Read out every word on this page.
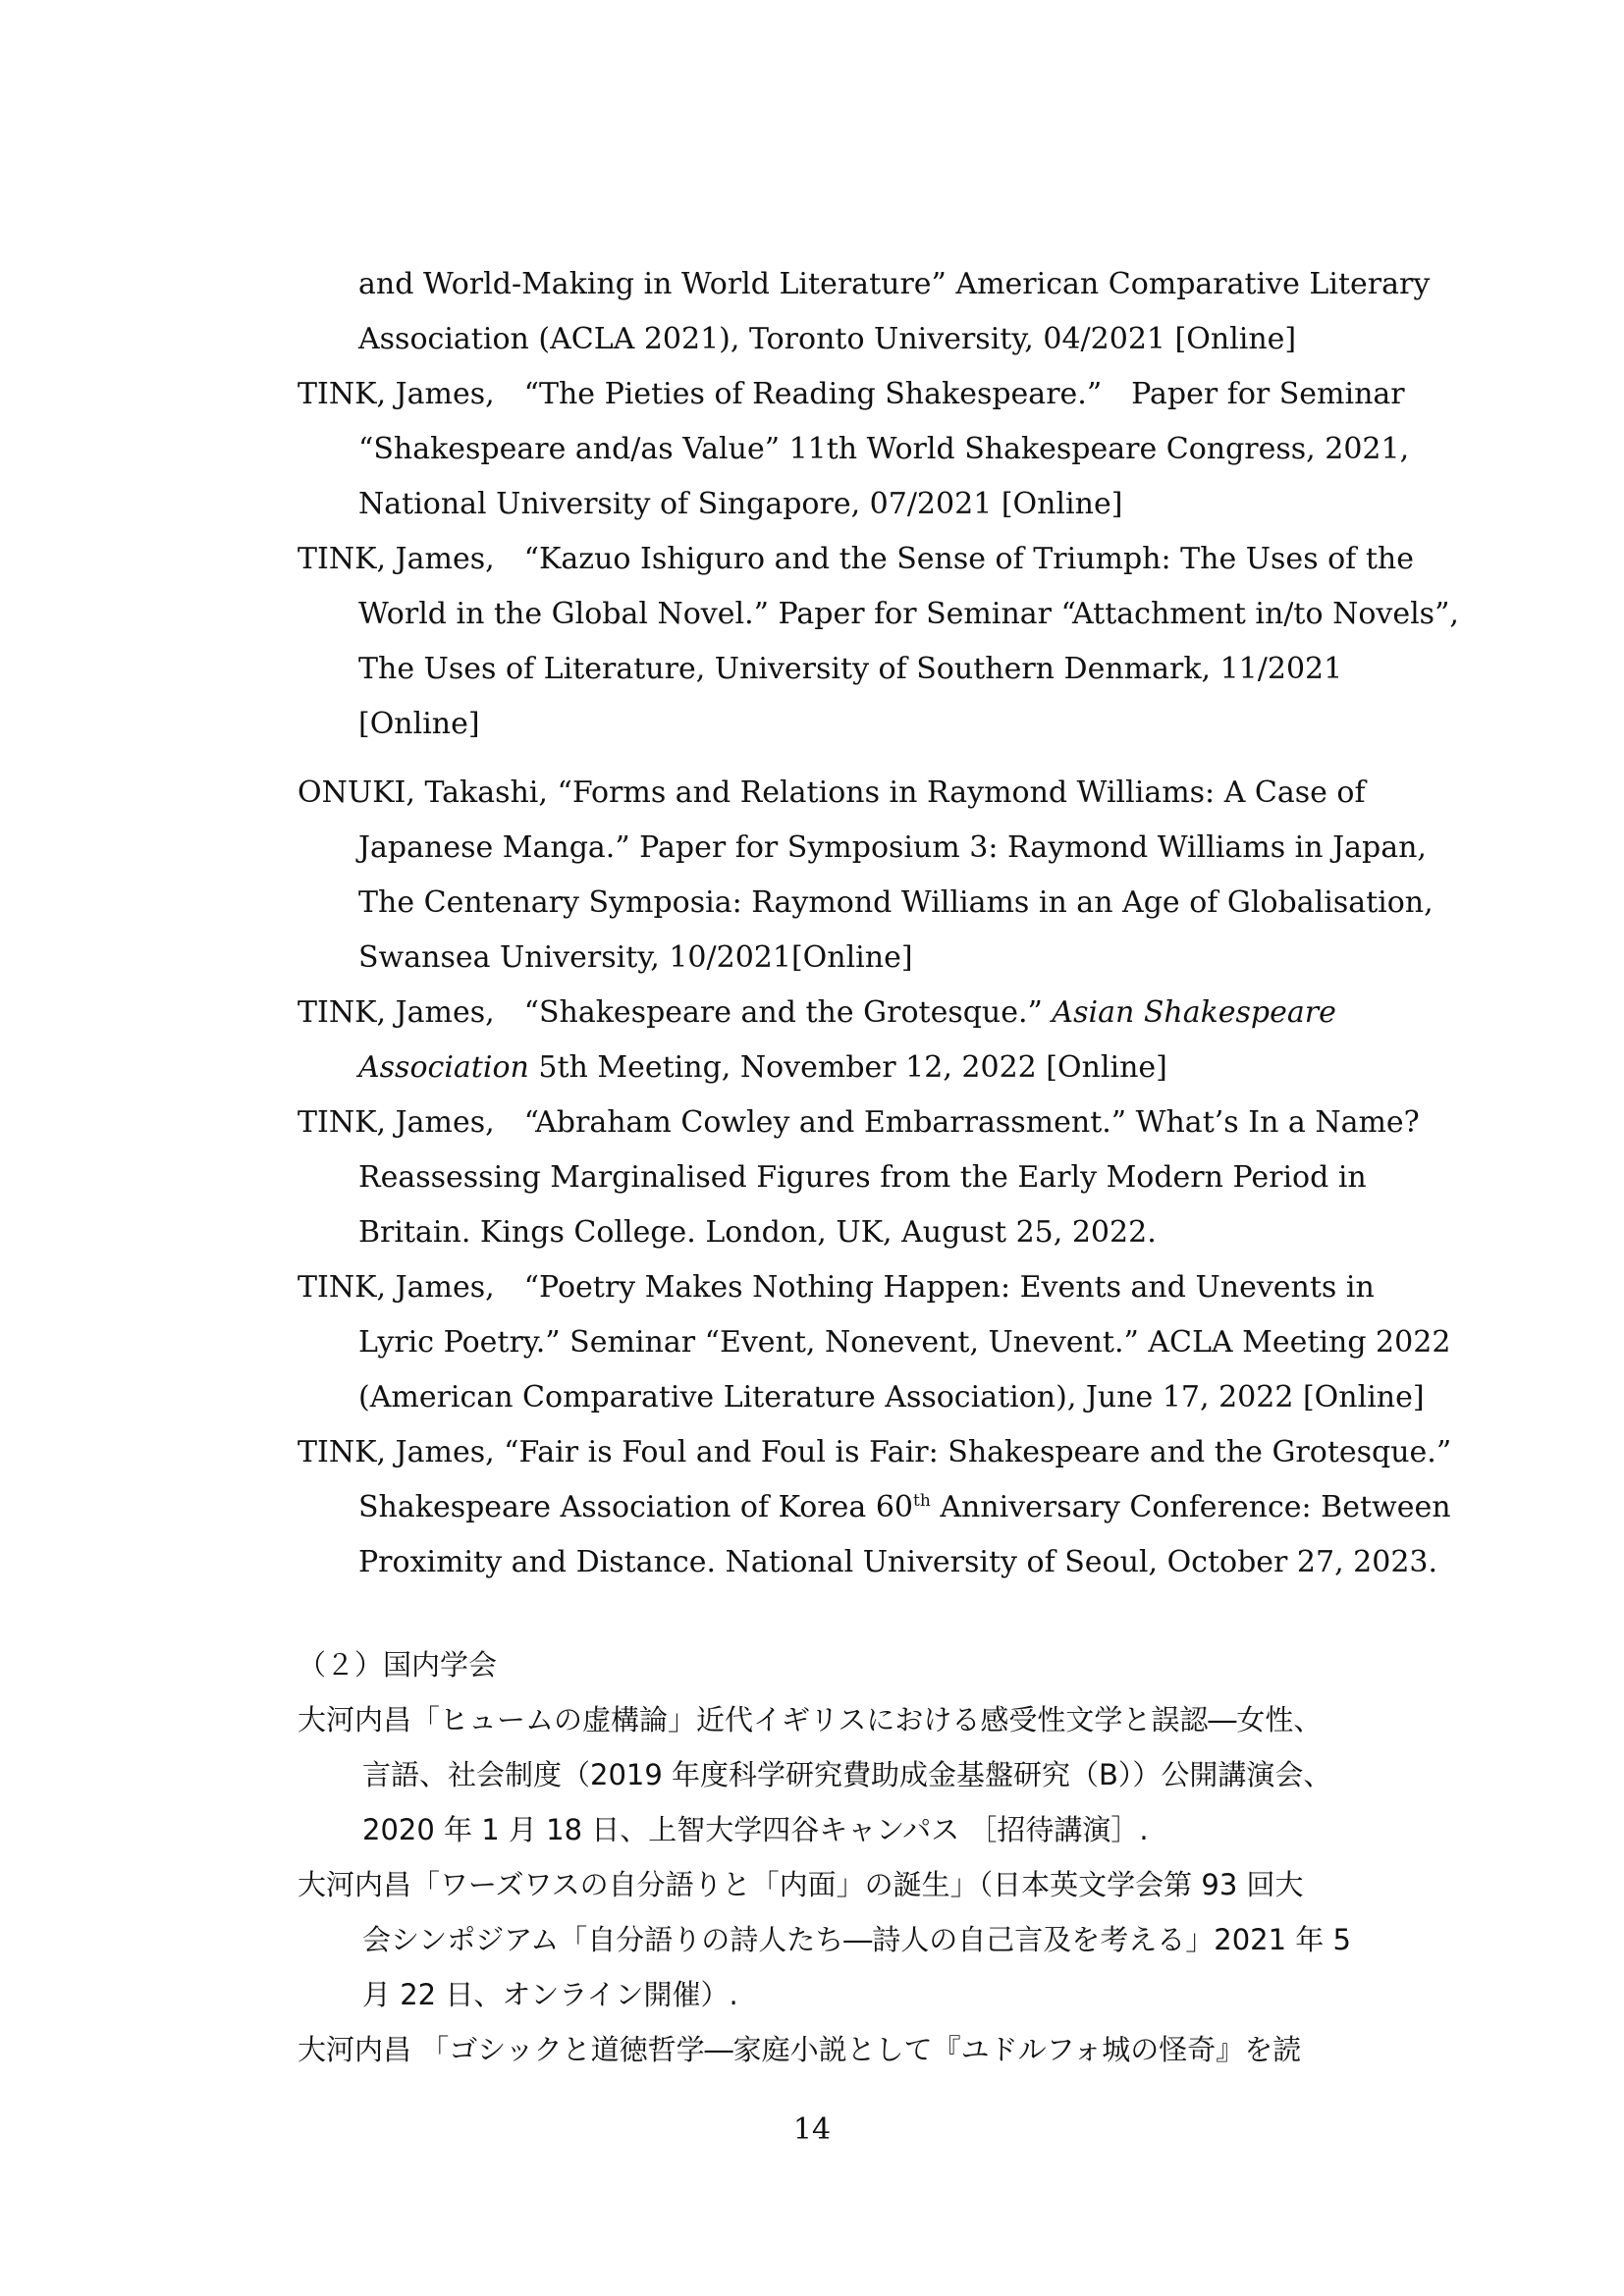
and World-Making in World Literature” American Comparative Literary
Association (ACLA 2021), Toronto University, 04/2021 [Online]
TINK, James,　“The Pieties of Reading Shakespeare.”　Paper for Seminar
“Shakespeare and/as Value” 11th World Shakespeare Congress, 2021,
National University of Singapore, 07/2021 [Online]
TINK, James,　“Kazuo Ishiguro and the Sense of Triumph: The Uses of the
World in the Global Novel.” Paper for Seminar “Attachment in/to Novels”,
The Uses of Literature, University of Southern Denmark, 11/2021
[Online]
ONUKI, Takashi, “Forms and Relations in Raymond Williams: A Case of
Japanese Manga.” Paper for Symposium 3: Raymond Williams in Japan,
The Centenary Symposia: Raymond Williams in an Age of Globalisation,
Swansea University, 10/2021[Online]
TINK, James,　“Shakespeare and the Grotesque.” Asian Shakespeare
Association 5th Meeting, November 12, 2022 [Online]
TINK, James,　“Abraham Cowley and Embarrassment.” What’s In a Name?
Reassessing Marginalised Figures from the Early Modern Period in
Britain. Kings College. London, UK, August 25, 2022.
TINK, James,　“Poetry Makes Nothing Happen: Events and Unevents in
Lyric Poetry.” Seminar “Event, Nonevent, Unevent.” ACLA Meeting 2022
(American Comparative Literature Association), June 17, 2022 [Online]
TINK, James, “Fair is Foul and Foul is Fair: Shakespeare and the Grotesque.”
Shakespeare Association of Korea 60th Anniversary Conference: Between
Proximity and Distance. National University of Seoul, October 27, 2023.
（２）国内学会
大河内昌「ヒュームの虚構論」近代イギリスにおける感受性文学と誤認―女性、
言語、社会制度（2019 年度科学研究費助成金基盤研究（B））公開講演会、
2020 年 1 月 18 日、上智大学四谷キャンパス ［招待講演］.
大河内昌「ワーズワスの自分語りと「内面」の誕生」（日本英文学会第 93 回大
会シンポジアム「自分語りの詩人たち―詩人の自己言及を考える」2021 年 5
月 22 日、オンライン開催）.
大河内昌 「ゴシックと道徳哲学―家庭小説として『ユドルフォ城の怪奇』を読
14
